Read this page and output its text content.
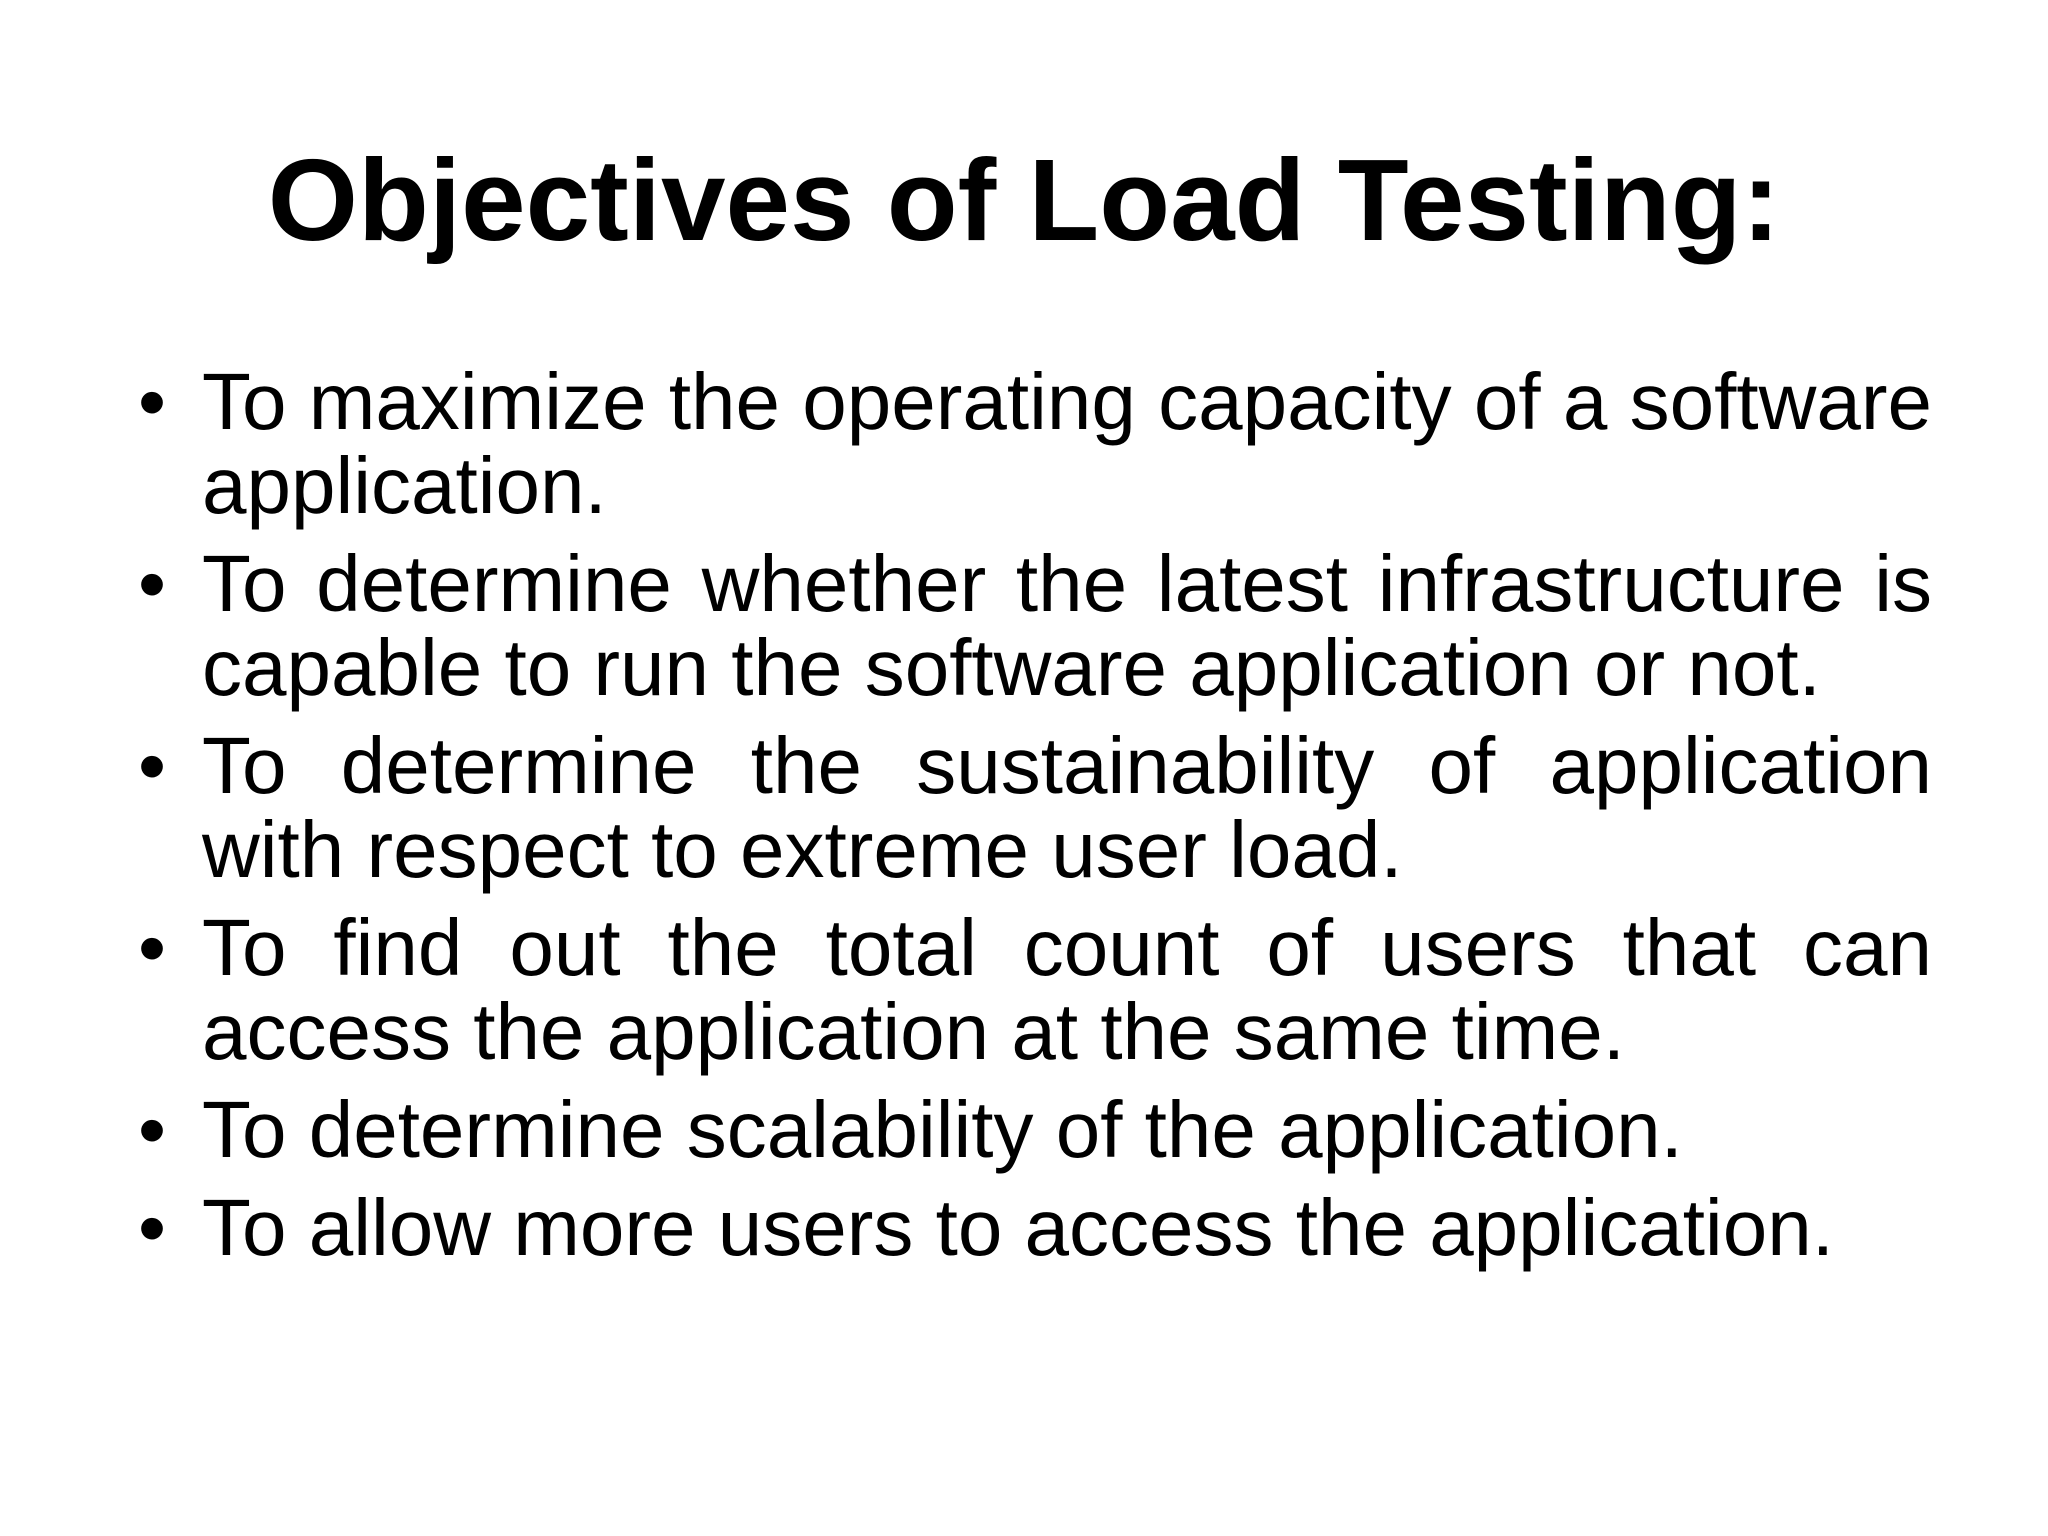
Objectives of Load Testing:
• To maximize the operating capacity of a software application.
• To determine whether the latest infrastructure is capable to run the software application or not.
• To determine the sustainability of application with respect to extreme user load.
• To find out the total count of users that can access the application at the same time.
• To determine scalability of the application.
• To allow more users to access the application.
